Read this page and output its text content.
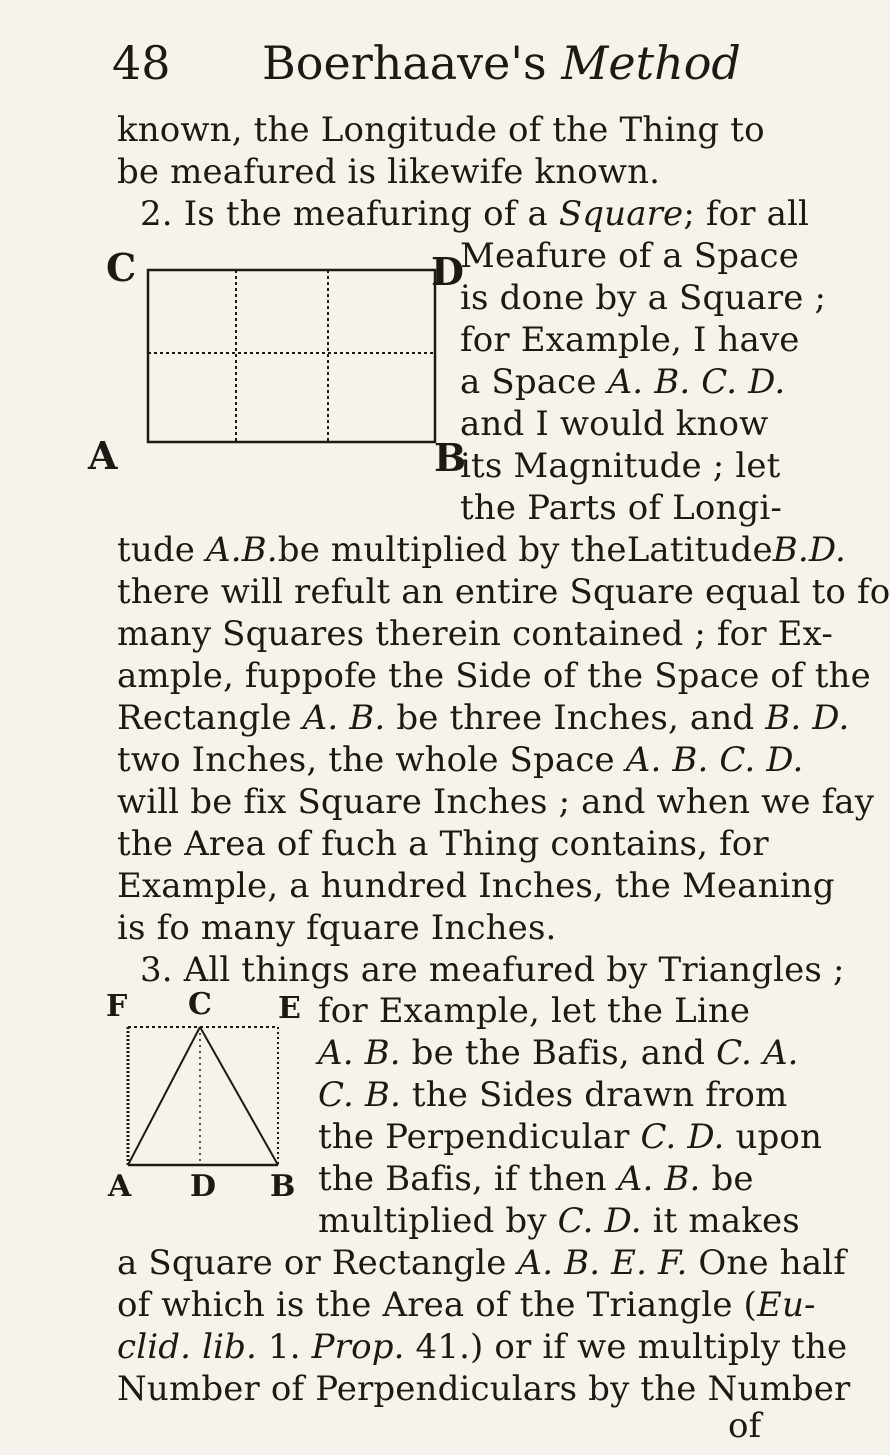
48 Boerhaave's Method
known, the Longitude of the Thing to
be meafured is likewife known.
2. Is the meafuring of a Square; for all
C	D
A	B
Meafure of a Space
is done by a Square ;
for Example, I have
a Space A. B. C. D.
and I would know
its Magnitude ; let
the Parts of Longi-
tude A.B.be multiplied by theLatitudeB.D.
there will refult an entire Square equal to fo
many Squares therein contained ; for Ex-
ample, fuppofe the Side of the Space of the
Rectangle A. B. be three Inches, and B. D.
two Inches, the whole Space A. B. C. D.
will be fix Square Inches ; and when we fay
the Area of fuch a Thing contains, for
Example, a hundred Inches, the Meaning
is fo many fquare Inches.
3. All things are meafured by Triangles ;
F C E
A D B
for Example, let the Line
A. B. be the Bafis, and C. A.
C. B. the Sides drawn from
the Perpendicular C. D. upon
the Bafis, if then A. B. be
multiplied by C. D. it makes
a Square or Rectangle A. B. E. F. One half
of which is the Area of the Triangle (Eu-
clid. lib. 1. Prop. 41.) or if we multiply the
Number of Perpendiculars by the Number
of
